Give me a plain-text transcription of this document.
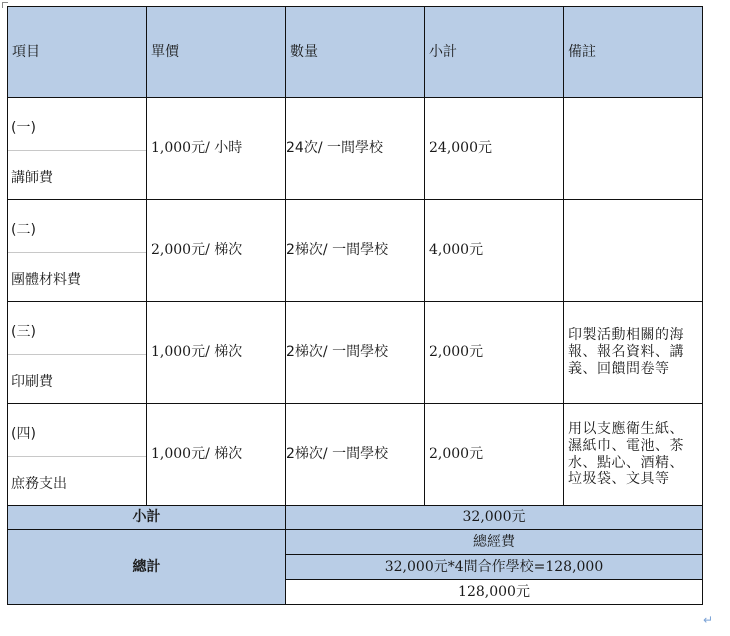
項目	單價	數量	小計	備註

(一)
講師費	1,000元/ 小時	24次/ 一間學校	24,000元	

(二)
團體材料費	2,000元/ 梯次	2梯次/ 一間學校	4,000元	

(三)
印刷費	1,000元/ 梯次	2梯次/ 一間學校	2,000元	印製活動相關的海報、報名資料、講義、回饋問卷等

(四)
庶務支出	1,000元/ 梯次	2梯次/ 一間學校	2,000元	用以支應衛生紙、濕紙巾、電池、茶水、點心、酒精、垃圾袋、文具等
小計		32,000元		
總計		總經費		
		32,000元*4間合作學校=128,000		
		128,000元		
↵
